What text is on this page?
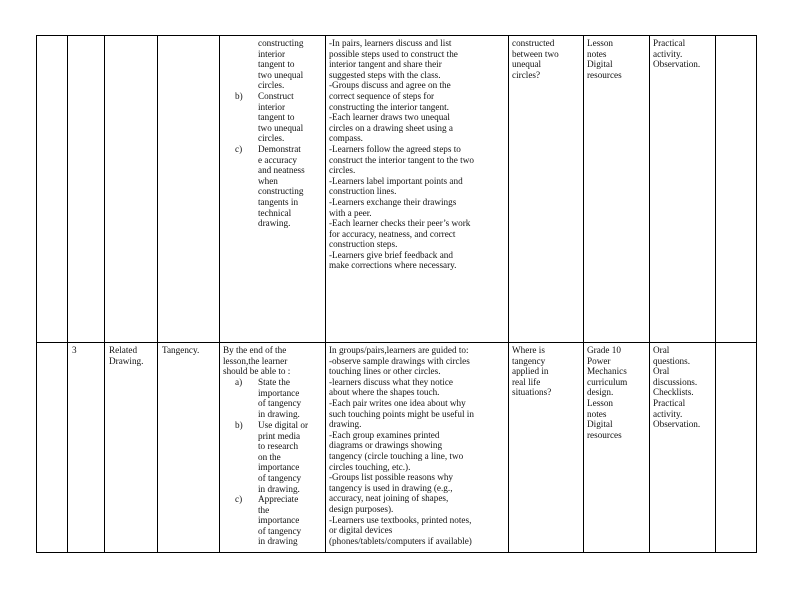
constructing
interior
tangent to
two unequal
circles.
b) Construct
interior
tangent to
two unequal
circles.
c) Demonstrat
e accuracy
and neatness
when
constructing
tangents in
technical
drawing.
-In pairs, learners discuss and list
possible steps used to construct the
interior tangent and share their
suggested steps with the class.
-Groups discuss and agree on the
correct sequence of steps for
constructing the interior tangent.
-Each learner draws two unequal
circles on a drawing sheet using a
compass.
-Learners follow the agreed steps to
construct the interior tangent to the two
circles.
-Learners label important points and
construction lines.
-Learners exchange their drawings
with a peer.
-Each learner checks their peer’s work
for accuracy, neatness, and correct
construction steps.
-Learners give brief feedback and
make corrections where necessary.
constructed
between two
unequal
circles?
Lesson
notes
Digital
resources
Practical
activity.
Observation.
3	Related
Drawing.
Tangency.	By the end of the
lesson,the learner
should be able to :
a) State the
importance
of tangency
in drawing.
b) Use digital or
print media
to research
on the
importance
of tangency
in drawing.
c) Appreciate
the
importance
of tangency
in drawing
In groups/pairs,learners are guided to:
-observe sample drawings with circles
touching lines or other circles.
-learners discuss what they notice
about where the shapes touch.
-Each pair writes one idea about why
such touching points might be useful in
drawing.
-Each group examines printed
diagrams or drawings showing
tangency (circle touching a line, two
circles touching, etc.).
-Groups list possible reasons why
tangency is used in drawing (e.g.,
accuracy, neat joining of shapes,
design purposes).
-Learners use textbooks, printed notes,
or digital devices
(phones/tablets/computers if available)
Where is
tangency
applied in
real life
situations?
Grade 10
Power
Mechanics
curriculum
design.
Lesson
notes
Digital
resources
Oral
questions.
Oral
discussions.
Checklists.
Practical
activity.
Observation.
